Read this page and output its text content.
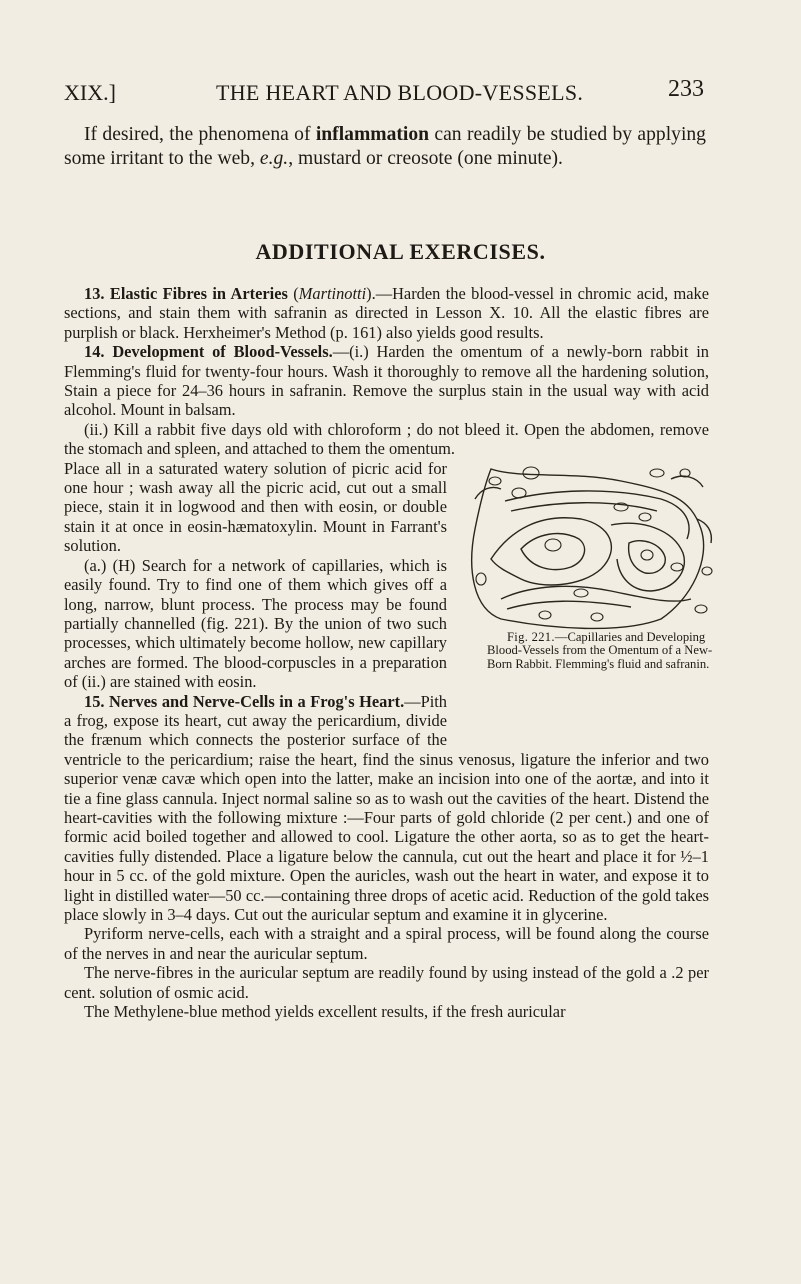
XIX.]	THE HEART AND BLOOD-VESSELS.	233

If desired, the phenomena of inflammation can readily be studied by applying some irritant to the web, e.g., mustard or creosote (one minute).

ADDITIONAL EXERCISES.

13. Elastic Fibres in Arteries (Martinotti).—Harden the blood-vessel in chromic acid, make sections, and stain them with safranin as directed in Lesson X. 10. All the elastic fibres are purplish or black. Herxheimer's Method (p. 161) also yields good results.

14. Development of Blood-Vessels.—(i.) Harden the omentum of a newly-born rabbit in Flemming's fluid for twenty-four hours. Wash it thoroughly to remove all the hardening solution, Stain a piece for 24–36 hours in safranin. Remove the surplus stain in the usual way with acid alcohol. Mount in balsam.

(ii.) Kill a rabbit five days old with chloroform ; do not bleed it. Open the abdomen, remove the stomach and spleen, and attached to them the omentum.

Fig. 221.—Capillaries and Developing Blood-Vessels from the Omentum of a New-Born Rabbit. Flemming's fluid and safranin.

Place all in a saturated watery solution of picric acid for one hour ; wash away all the picric acid, cut out a small piece, stain it in logwood and then with eosin, or double stain it at once in eosin-hæmatoxylin. Mount in Farrant's solution.

(a.) (H) Search for a network of capillaries, which is easily found. Try to find one of them which gives off a long, narrow, blunt process. The process may be found partially channelled (fig. 221). By the union of two such processes, which ultimately become hollow, new capillary arches are formed. The blood-corpuscles in a preparation of (ii.) are stained with eosin.

15. Nerves and Nerve-Cells in a Frog's Heart.—Pith a frog, expose its heart, cut away the pericardium, divide the frænum which connects the posterior surface of the ventricle to the pericardium; raise the heart, find the sinus venosus, ligature the inferior and two superior venæ cavæ which open into the latter, make an incision into one of the aortæ, and into it tie a fine glass cannula. Inject normal saline so as to wash out the cavities of the heart. Distend the heart-cavities with the following mixture :—Four parts of gold chloride (2 per cent.) and one of formic acid boiled together and allowed to cool. Ligature the other aorta, so as to get the heart-cavities fully distended. Place a ligature below the cannula, cut out the heart and place it for ½–1 hour in 5 cc. of the gold mixture. Open the auricles, wash out the heart in water, and expose it to light in distilled water—50 cc.—containing three drops of acetic acid. Reduction of the gold takes place slowly in 3–4 days. Cut out the auricular septum and examine it in glycerine.

Pyriform nerve-cells, each with a straight and a spiral process, will be found along the course of the nerves in and near the auricular septum.

The nerve-fibres in the auricular septum are readily found by using instead of the gold a .2 per cent. solution of osmic acid.

The Methylene-blue method yields excellent results, if the fresh auricular
